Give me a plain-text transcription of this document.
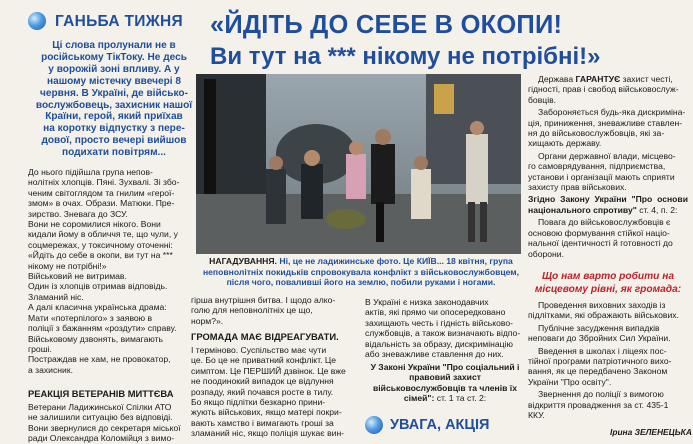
ГАНЬБА ТИЖНЯ
Ці слова пролунали не в
російському ТікТоку. Не десь
у ворожій зоні впливу. А у
нашому містечку ввечері 8
червня. В Україні, де військо-
вослужбовець, захисник нашої
Країни, герой, який приїхав
на коротку відпустку з пере-
дової, просто вечері вийшов
подихати повітрям...
До нього підійшла група непов-
нолітніх хлопців. Пяні. Зухвалі. Зі збо-
ченим світоглядом та гнилим «герої-
змом» в очах. Образи. Матюки. Пре-
зирство. Зневага до ЗСУ.
Вони не соромилися нікого. Вони
кидали йому в обличчя те, що чули, у
соцмережах, у токсичному оточенні:
«Йдіть до себе в окопи, ви тут на ***
нікому не потрібні!»
Військовий не витримав.
Один із хлопців отримав відповідь.
Зламаний ніс.
А далі класична українська драма:
Мати «потерпілого» з заявою в
поліції з бажанням «роздути» справу.
Військовому дзвонять, вимагають
гроші.
Постраждав не хам, не провокатор,
а захисник.
РЕАКЦІЯ ВЕТЕРАНІВ МИТТЄВА
Ветерани Ладижинської Спілки АТО
не залишили ситуацію без відповіді.
Вони звернулися до секретаря міської
ради Олександра Коломійця з вимо-
«ЙДІТЬ ДО СЕБЕ В ОКОПИ!
Ви тут на *** нікому не потрібні!»
НАГАДУВАННЯ. Ні, це не ладижинське фото. Це КИЇВ... 18 квітня, група
неповнолітніх покидьків спровокувала конфлікт з військовослужбовцем,
після чого, повалившi його на землю, побили руками і ногами.
гірша внутрішня битва. І щодо алко-
голю для неповнолітніх це що,
норм?».
ГРОМАДА МАЄ ВІДРЕАГУВАТИ.
І терміново. Суспільство має чути
це. Бо це не приватний конфлікт. Це
симптом. Це ПЕРШИЙ дзвінок. Це вже
не поодинокий випадок це відлуння
розпаду, який почався росте в тилу.
Бо якщо підлітки безкарно прини-
жують військових, якщо матері покри-
вають хамство і вимагають гроші за
зламаний ніс, якщо поліція шукає вин-
В Україні є низка законодавчих
актів, які прямо чи опосередковано
захищають честь і гідність військово-
службовців, а також визначають відпо-
відальність за образу, дискримінацію
або зневажливе ставлення до них.
У Законі України "Про соціальний і правовий захист військовослужбовців та членів їх сімей": ст. 1 та ст. 2:
УВАГА, АКЦІЯ
Держава ГАРАНТУЄ захист честі,
гідності, прав і свобод військовослуж-
бовців.
Забороняється будь-яка дискриміна-
ція, приниження, зневажливе ставлен-
ня до військовослужбовців, які за-
хищають державу.
Органи державної влади, місцево-
го самоврядування, підприємства,
установи і організації мають сприяти
захисту прав військових.
Згідно Закону України "Про основи національного спротиву" ст. 4, п. 2:
Повага до військовослужбовців є
основою формування стійкої націо-
нальної ідентичності й готовності до
оборони.
Що нам варто робити на
місцевому рівні, як громада:
Проведення виховних заходів із
підлітками, які ображають військових.
Публічне засудження випадків
неповаги до Збройних Сил України.
Введення в школах і ліцеях пос-
тійної програми патріотичного вихо-
вання, як це передбачено Законом
України "Про освіту".
Звернення до поліції з вимогою
відкриття провадження за ст. 435-1
ККУ.
Ірина ЗЕЛЕНЕЦЬКА
